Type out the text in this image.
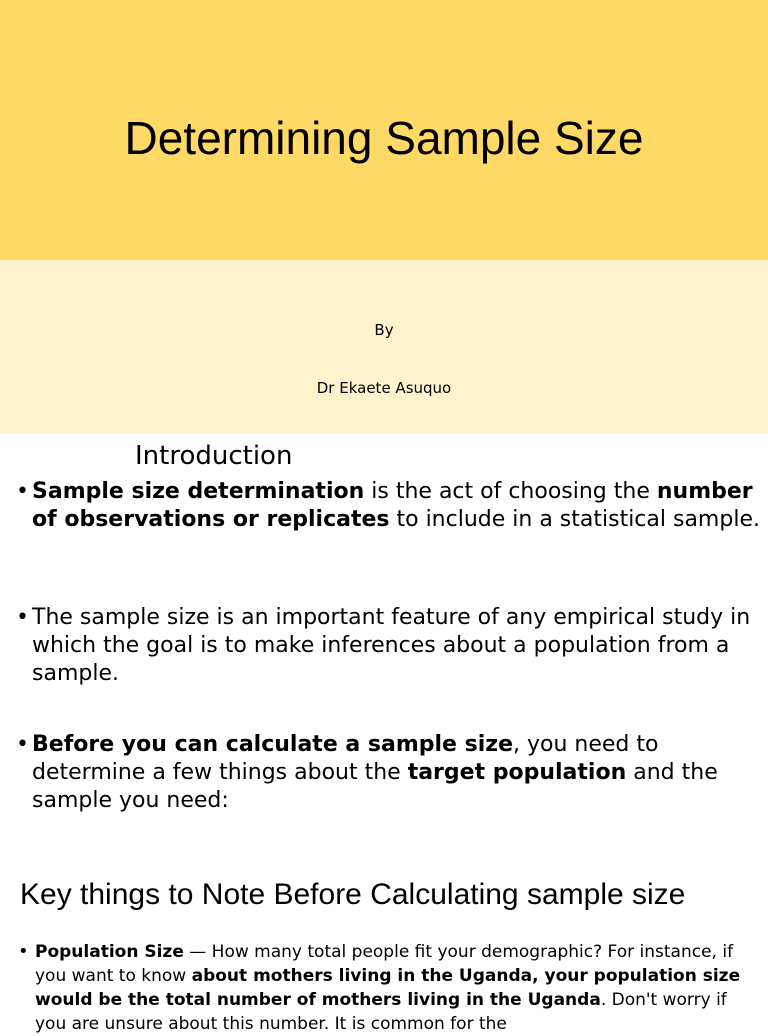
Determining Sample Size
By
Dr Ekaete Asuquo
Introduction
• Sample size determination is the act of choosing the number of observations or replicates to include in a statistical sample.
• The sample size is an important feature of any empirical study in which the goal is to make inferences about a population from a sample.
• Before you can calculate a sample size, you need to determine a few things about the target population and the sample you need:
Key things to Note Before Calculating sample size
• Population Size — How many total people fit your demographic? For instance, if you want to know about mothers living in the Uganda, your population size would be the total number of mothers living in the Uganda. Don't worry if you are unsure about this number. It is common for the
